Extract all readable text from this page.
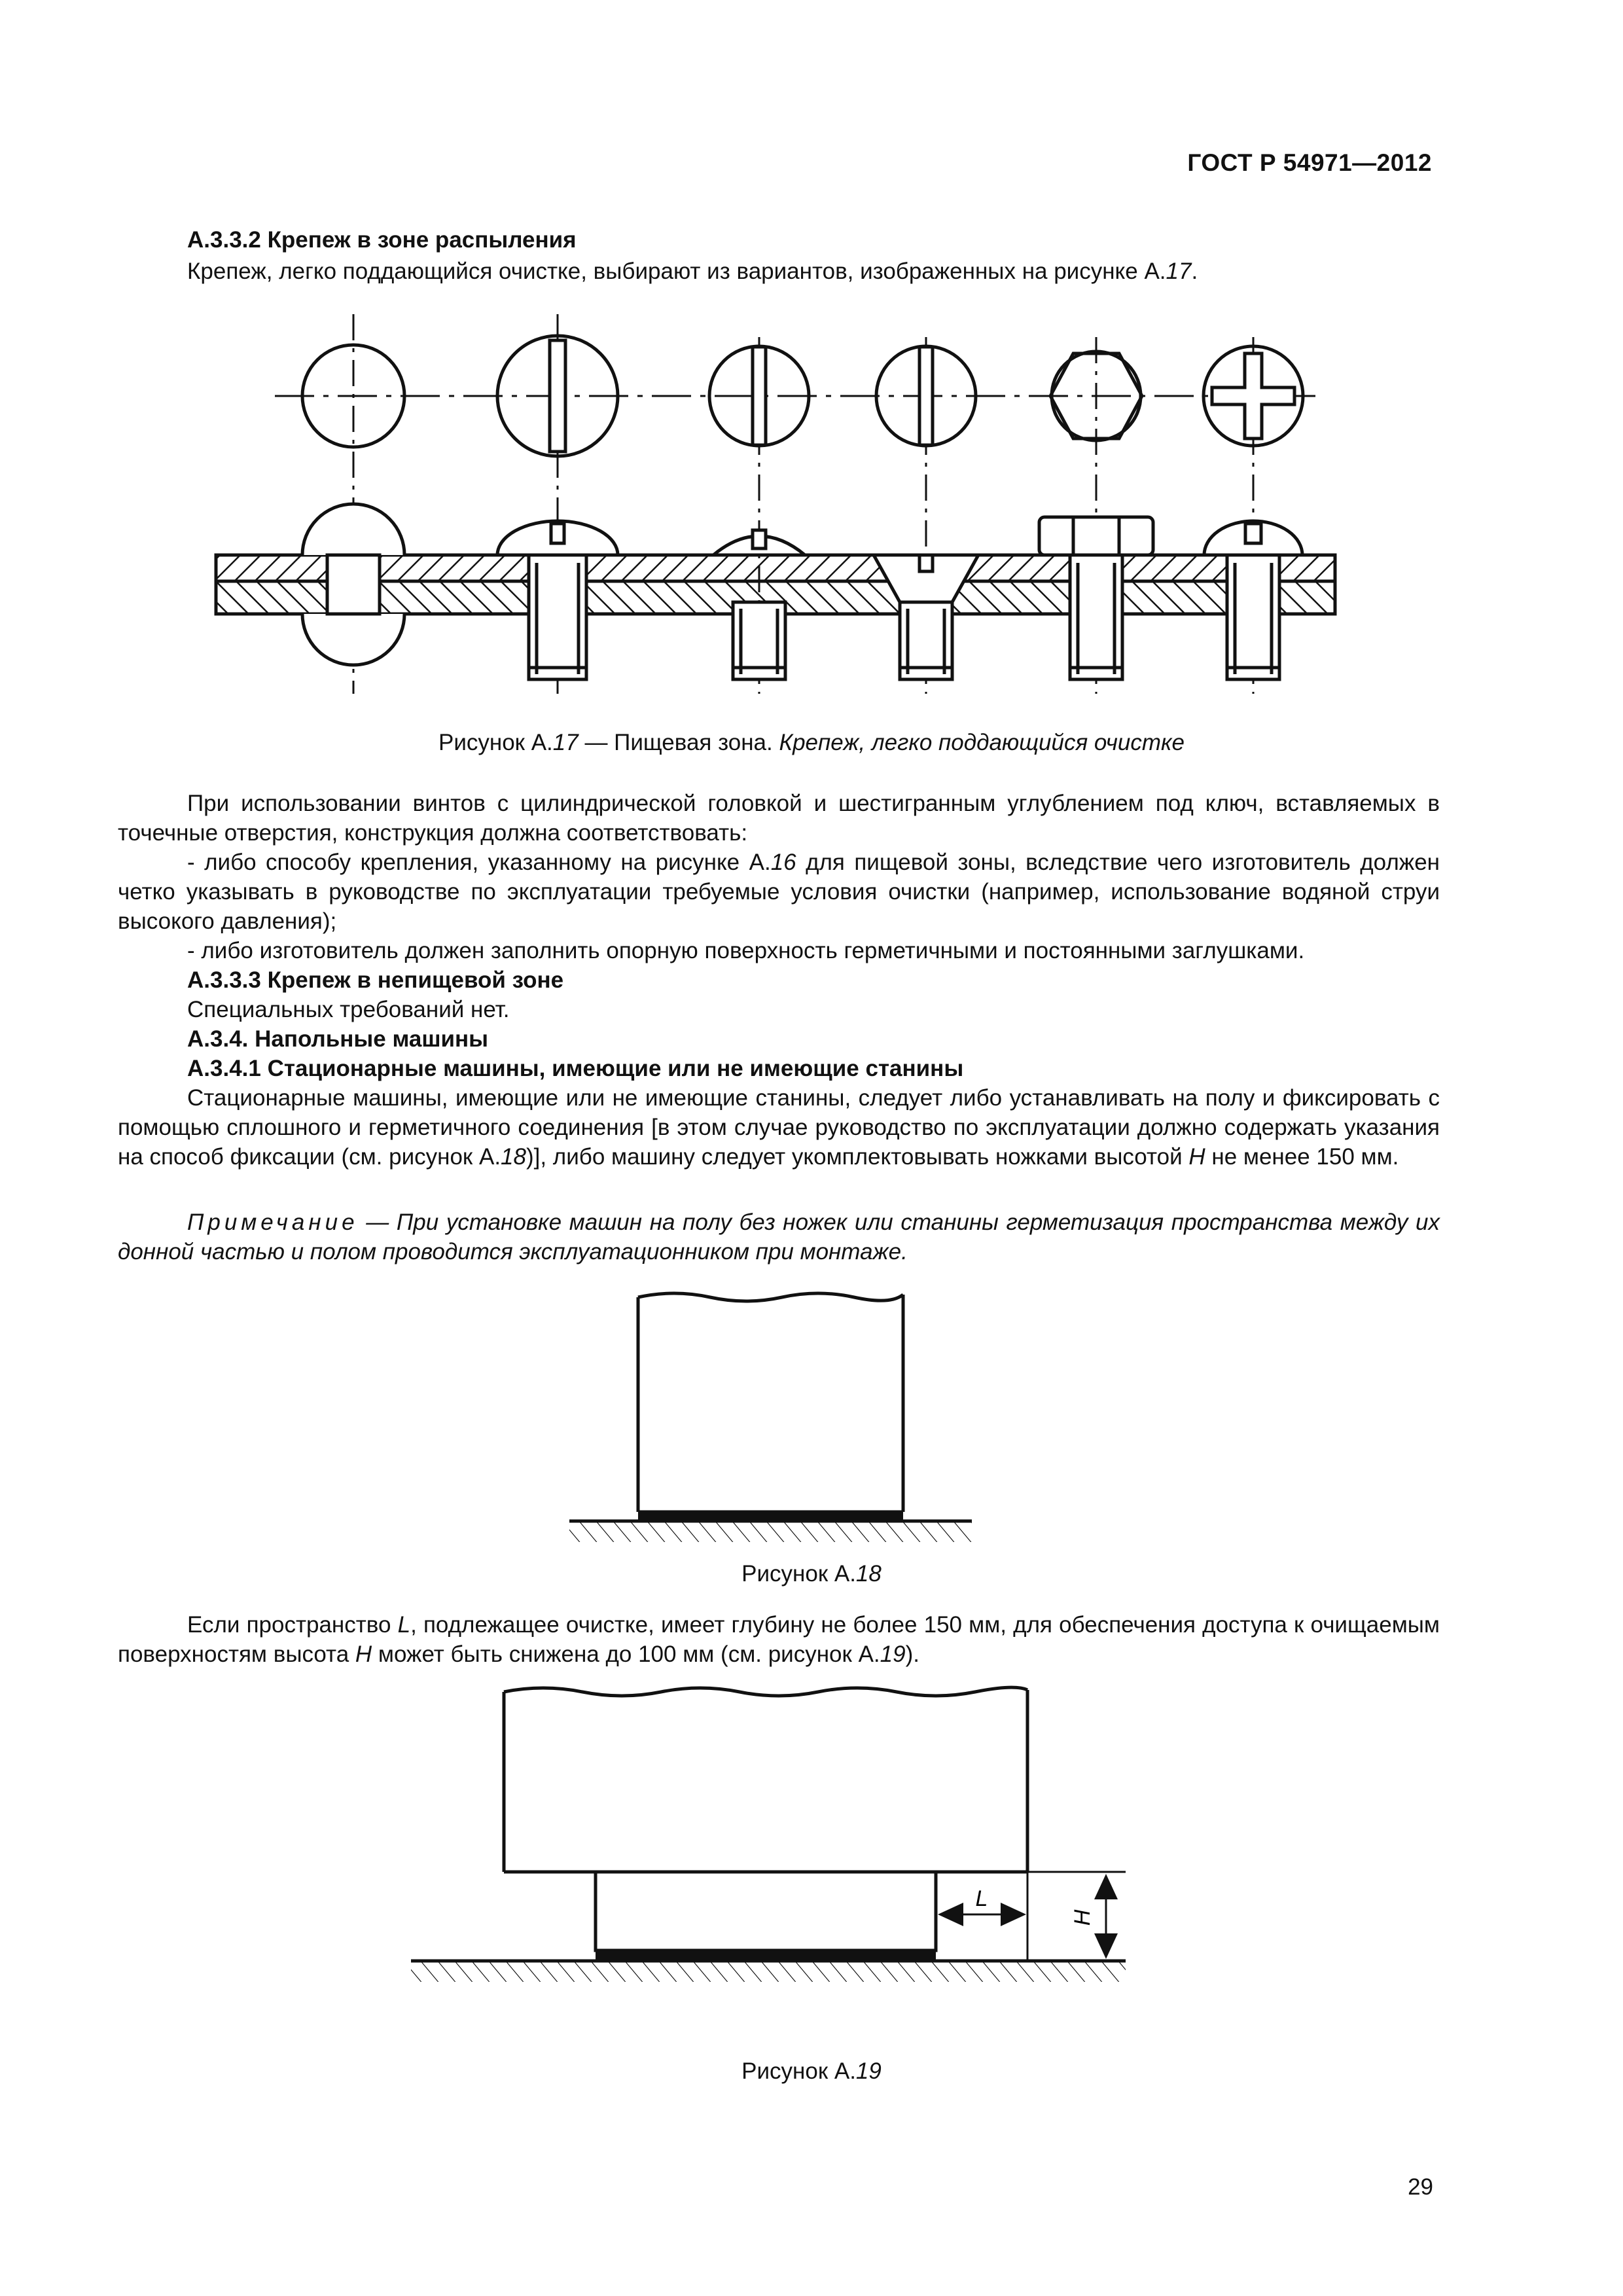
ГОСТ Р 54971—2012
А.3.3.2 Крепеж в зоне распыления
Крепеж, легко поддающийся очистке, выбирают из вариантов, изображенных на рисунке А.17.
Рисунок А.17 — Пищевая зона. Крепеж, легко поддающийся очистке
При использовании винтов с цилиндрической головкой и шестигранным углублением под ключ, вставляемых в точечные отверстия, конструкция должна соответствовать:
- либо способу крепления, указанному на рисунке А.16 для пищевой зоны, вследствие чего изготовитель должен четко указывать в руководстве по эксплуатации требуемые условия очистки (например, использование водяной струи высокого давления);
- либо изготовитель должен заполнить опорную поверхность герметичными и постоянными заглушками.
А.3.3.3 Крепеж в непищевой зоне
Специальных требований нет.
А.3.4. Напольные машины
А.3.4.1 Стационарные машины, имеющие или не имеющие станины
Стационарные машины, имеющие или не имеющие станины, следует либо устанавливать на полу и фиксировать с помощью сплошного и герметичного соединения [в этом случае руководство по эксплуатации должно содержать указания на способ фиксации (см. рисунок А.18)], либо машину следует укомплектовывать ножками высотой H не менее 150 мм.
Примечание — При установке машин на полу без ножек или станины герметизация пространства между их донной частью и полом проводится эксплуатационником при монтаже.
Рисунок А.18
Если пространство L, подлежащее очистке, имеет глубину не более 150 мм, для обеспечения доступа к очищаемым поверхностям высота H может быть снижена до 100 мм (см. рисунок А.19).
L
H
Рисунок А.19
29
